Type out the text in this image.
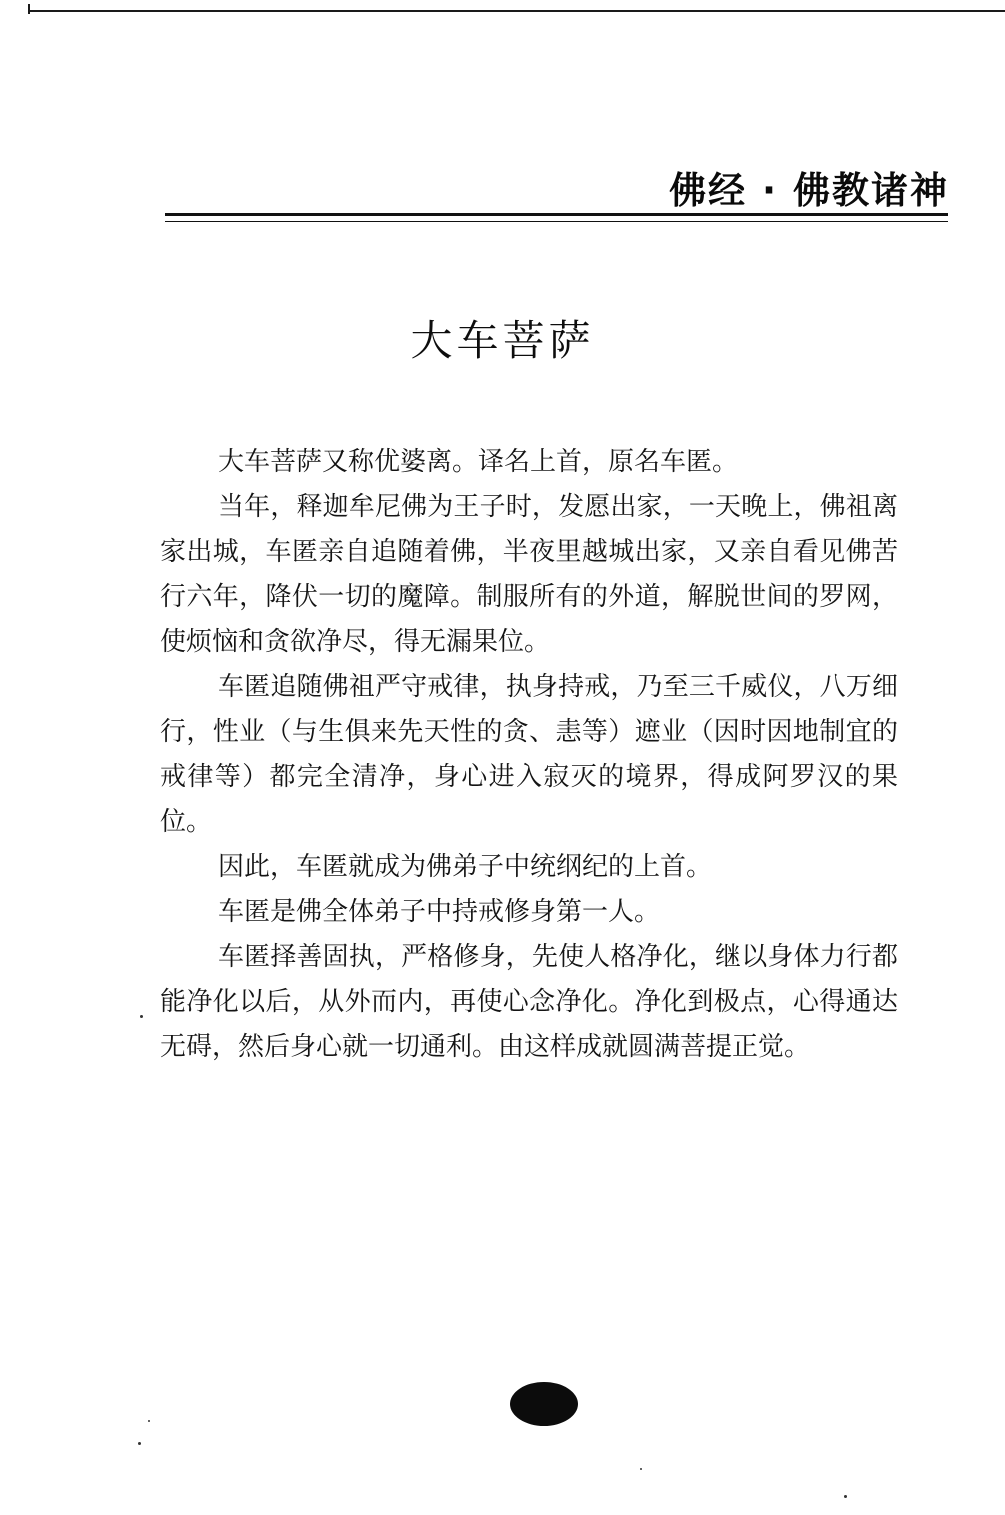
佛经 · 佛教诸神
大车菩萨

大车菩萨又称优婆离。译名上首，原名车匿。

当年，释迦牟尼佛为王子时，发愿出家，一天晚上，佛祖离家出城，车匿亲自追随着佛，半夜里越城出家，又亲自看见佛苦行六年，降伏一切的魔障。制服所有的外道，解脱世间的罗网，使烦恼和贪欲净尽，得无漏果位。

车匿追随佛祖严守戒律，执身持戒，乃至三千威仪，八万细行，性业（与生俱来先天性的贪、恚等）遮业（因时因地制宜的戒律等）都完全清净，身心进入寂灭的境界，得成阿罗汉的果位。

因此，车匿就成为佛弟子中统纲纪的上首。

车匿是佛全体弟子中持戒修身第一人。

车匿择善固执，严格修身，先使人格净化，继以身体力行都能净化以后，从外而内，再使心念净化。净化到极点，心得通达无碍，然后身心就一切通利。由这样成就圆满菩提正觉。
